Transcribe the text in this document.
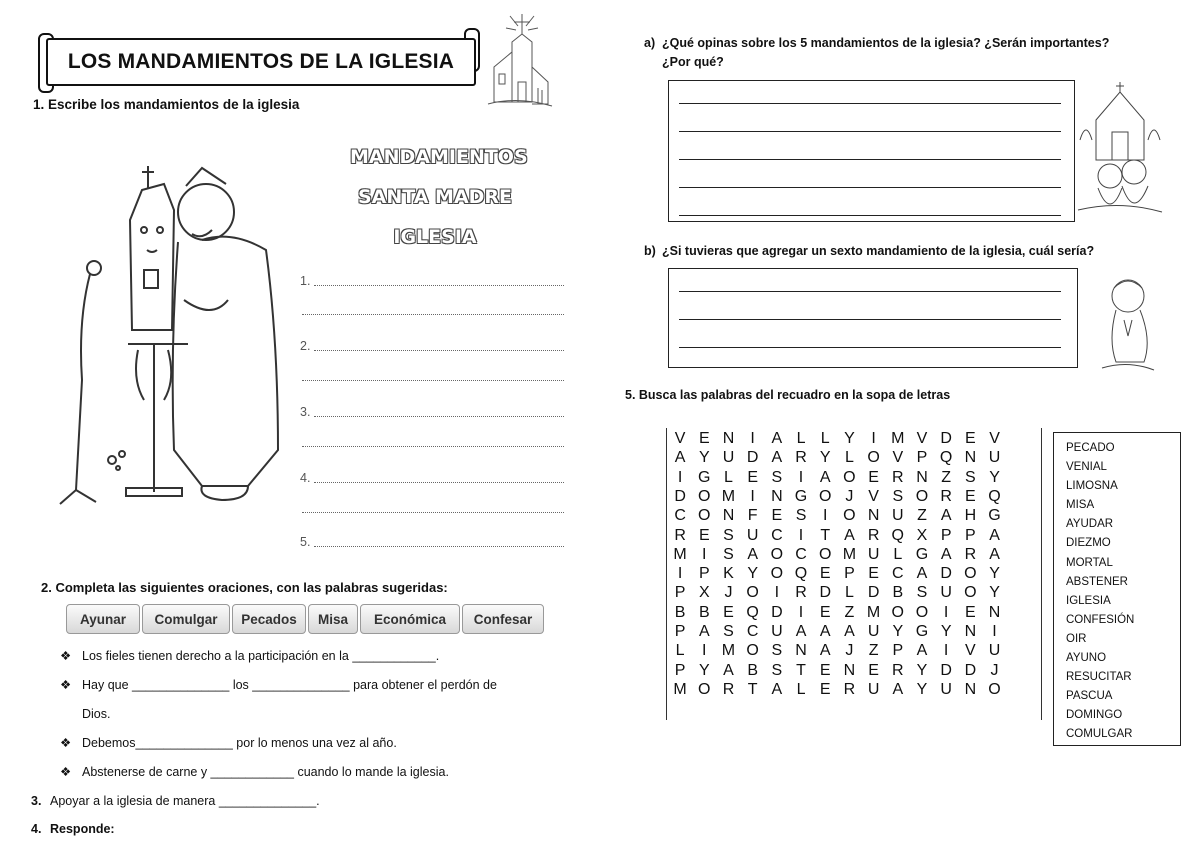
LOS MANDAMIENTOS DE LA IGLESIA
1. Escribe los mandamientos de la iglesia
MANDAMIENTOS
SANTA MADRE
IGLESIA
1.
2.
3.
4.
5.
2. Completa las siguientes oraciones, con las palabras sugeridas:
Ayunar	Comulgar	Pecados	Misa	Económica	Confesar
❖ Los fieles tienen derecho a la participación en la ____________.
❖ Hay que ______________ los ______________ para obtener el perdón de
Dios.
❖ Debemos______________ por lo menos una vez al año.
❖ Abstenerse de carne y ____________ cuando lo mande la iglesia.
3. Apoyar a la iglesia de manera ______________.
4. Responde:
a) ¿Qué opinas sobre los 5 mandamientos de la iglesia? ¿Serán importantes?
¿Por qué?
b) ¿Si tuvieras que agregar un sexto mandamiento de la iglesia, cuál sería?
5. Busca las palabras del recuadro en la sopa de letras
V E N	I	A L L Y	I M V D E V
A Y U D A R Y L O V P Q N U
I G L E S	I	A O E R N Z S Y
D O M I	N G O J V S O R E Q
C O N F E S	I O N U Z A H G
R E S U C	I	T A R Q X P P A
M I	S A O C O M U L G A R A
I	P K Y O Q E P E C A D O Y
P X J O I	R D L D B S U O Y
B B E Q D	I	E Z M O O I	E N
P A S C U A A A U Y G Y N	I
L	I M O S N A J Z P A	I	V U
P Y A B S T E N E R Y D D J
M O R T A L E R U A Y U N O
PECADO
VENIAL
LIMOSNA
MISA
AYUDAR
DIEZMO
MORTAL
ABSTENER
IGLESIA
CONFESIÓN
OIR
AYUNO
RESUCITAR
PASCUA
DOMINGO
COMULGAR
